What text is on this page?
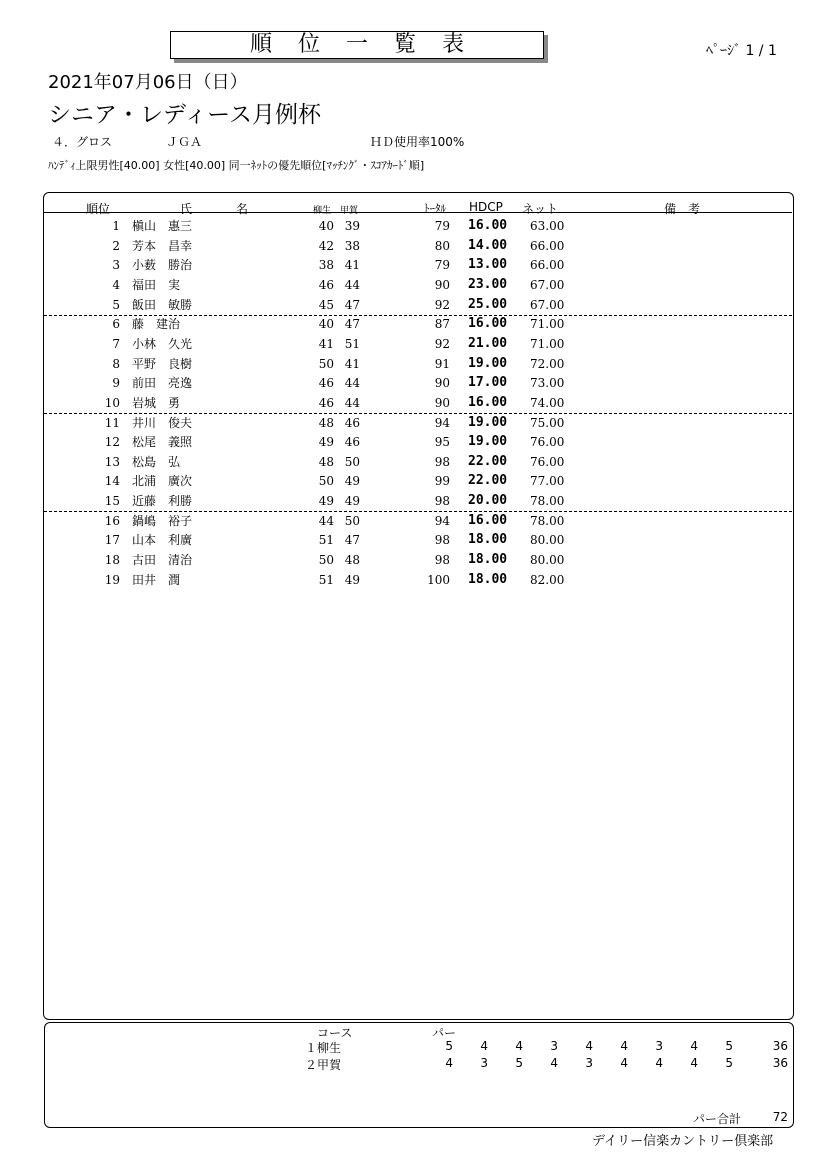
順位一覧表	ﾍﾟｰｼﾞ 1 / 1
2021年07月06日（日）
シニア・レディース月例杯
４．グロス	ＪＧＡ	ＨＤ使用率100%
ﾊﾝﾃﾞｨ上限男性[40.00] 女性[40.00] 同一ﾈｯﾄの優先順位[ﾏｯﾁﾝｸﾞ・ｽｺｱｶｰﾄﾞ順]
順位	氏	名	柳生 甲賀	ﾄｰﾀﾙ HDCP ネット	備　考
1 槇山　惠三	40 39	79 16.00 63.00
2 芳本　昌幸	42 38	80 14.00 66.00
3 小薮　勝治	38 41	79 13.00 66.00
4 福田　実	46 44	90 23.00 67.00
5 飯田　敏勝	45 47	92 25.00 67.00
6 藤　建治	40 47	87 16.00 71.00
7 小林　久光	41 51	92 21.00 71.00
8 平野　良樹	50 41	91 19.00 72.00
9 前田　亮逸	46 44	90 17.00 73.00
10 岩城　勇	46 44	90 16.00 74.00
11 井川　俊夫	48 46	94 19.00 75.00
12 松尾　義照	49 46	95 19.00 76.00
13 松島　弘	48 50	98 22.00 76.00
14 北浦　廣次	50 49	99 22.00 77.00
15 近藤　利勝	49 49	98 20.00 78.00
16 鍋嶋　裕子	44 50	94 16.00 78.00
17 山本　利廣	51 47	98 18.00 80.00
18 古田　清治	50 48	98 18.00 80.00
19 田井　潤	51 49	100 18.00 82.00
コース	パー
１柳生	5	4	4	3	4	4	3	4	5	36
２甲賀	4	3	5	4	3	4	4	4	5	36
パー合計	72
デイリー信楽カントリー倶楽部
